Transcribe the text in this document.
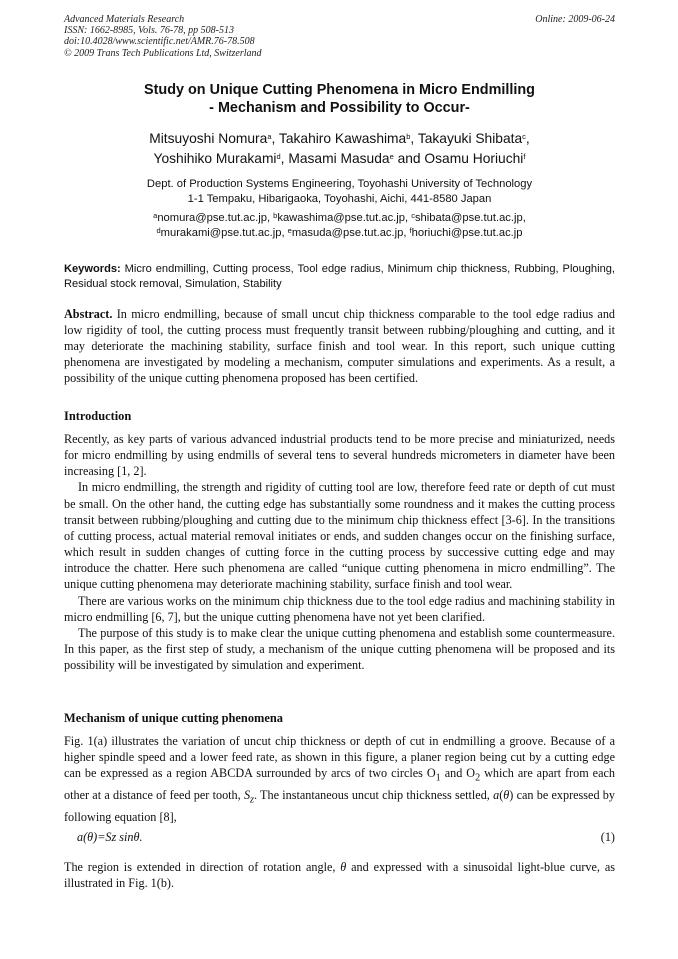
Advanced Materials Research
ISSN: 1662-8985, Vols. 76-78, pp 508-513
doi:10.4028/www.scientific.net/AMR.76-78.508
© 2009 Trans Tech Publications Ltd, Switzerland
Online: 2009-06-24
Study on Unique Cutting Phenomena in Micro Endmilling
- Mechanism and Possibility to Occur-
Mitsuyoshi Nomura$^a$, Takahiro Kawashima$^b$, Takayuki Shibata$^c$,
Yoshihiko Murakami$^d$, Masami Masuda$^e$ and Osamu Horiuchi$^f$
Dept. of Production Systems Engineering, Toyohashi University of Technology
1-1 Tempaku, Hibarigaoka, Toyohashi, Aichi, 441-8580 Japan
$^a$nomura@pse.tut.ac.jp, $^b$kawashima@pse.tut.ac.jp, $^c$shibata@pse.tut.ac.jp,
$^d$murakami@pse.tut.ac.jp, $^e$masuda@pse.tut.ac.jp, $^f$horiuchi@pse.tut.ac.jp
Keywords: Micro endmilling, Cutting process, Tool edge radius, Minimum chip thickness, Rubbing, Ploughing, Residual stock removal, Simulation, Stability
Abstract. In micro endmilling, because of small uncut chip thickness comparable to the tool edge radius and low rigidity of tool, the cutting process must frequently transit between rubbing/ploughing and cutting, and it may deteriorate the machining stability, surface finish and tool wear. In this report, such unique cutting phenomena are investigated by modeling a mechanism, computer simulations and experiments. As a result, a possibility of the unique cutting phenomena proposed has been certified.
Introduction

Recently, as key parts of various advanced industrial products tend to be more precise and miniaturized, needs for micro endmilling by using endmills of several tens to several hundreds micrometers in diameter have been increasing [1, 2].

In micro endmilling, the strength and rigidity of cutting tool are low, therefore feed rate or depth of cut must be small. On the other hand, the cutting edge has substantially some roundness and it makes the cutting process transit between rubbing/ploughing and cutting due to the minimum chip thickness effect [3-6]. In the transitions of cutting process, actual material removal initiates or ends, and sudden changes occur on the finishing surface, which result in sudden changes of cutting force in the cutting process by successive cutting edge and may introduce the chatter. Here such phenomena are called “unique cutting phenomena in micro endmilling”. The unique cutting phenomena may deteriorate machining stability, surface finish and tool wear.

There are various works on the minimum chip thickness due to the tool edge radius and machining stability in micro endmilling [6, 7], but the unique cutting phenomena have not yet been clarified.

The purpose of this study is to make clear the unique cutting phenomena and establish some countermeasure. In this paper, as the first step of study, a mechanism of the unique cutting phenomena will be proposed and its possibility will be investigated by simulation and experiment.

Mechanism of unique cutting phenomena

Fig. 1(a) illustrates the variation of uncut chip thickness or depth of cut in endmilling a groove. Because of a higher spindle speed and a lower feed rate, as shown in this figure, a planer region being cut by a cutting edge can be expressed as a region ABCDA surrounded by arcs of two circles $O_1$ and $O_2$ which are apart from each other at a distance of feed per tooth, $S_z$. The instantaneous uncut chip thickness settled, a(θ) can be expressed by following equation [8],

a(θ)=Sz sinθ.	(1)

The region is extended in direction of rotation angle, θ and expressed with a sinusoidal light-blue curve, as illustrated in Fig. 1(b).
